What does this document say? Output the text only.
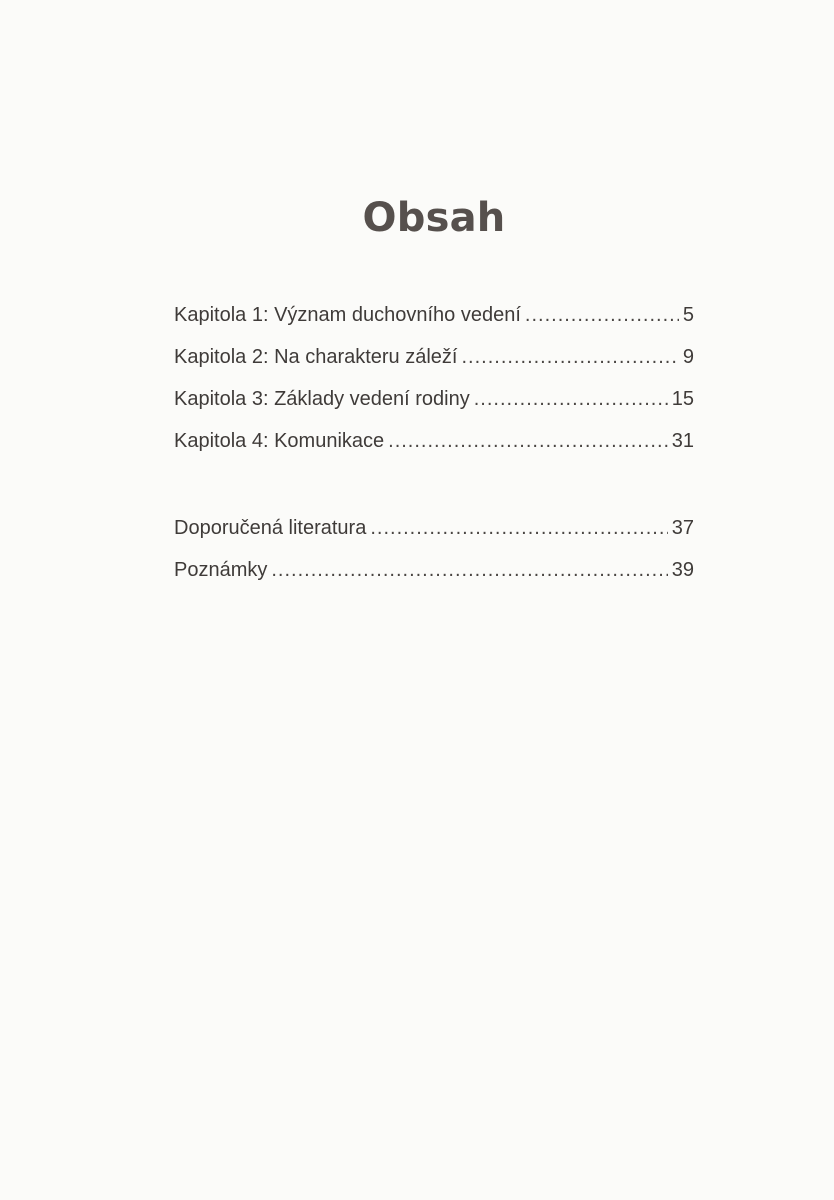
Obsah
Kapitola 1: Význam duchovního vedení .....	5
Kapitola 2: Na charakteru záleží .....	9
Kapitola 3: Základy vedení rodiny .....	15
Kapitola 4: Komunikace .....	31
Doporučená literatura .....	37
Poznámky .....	39
